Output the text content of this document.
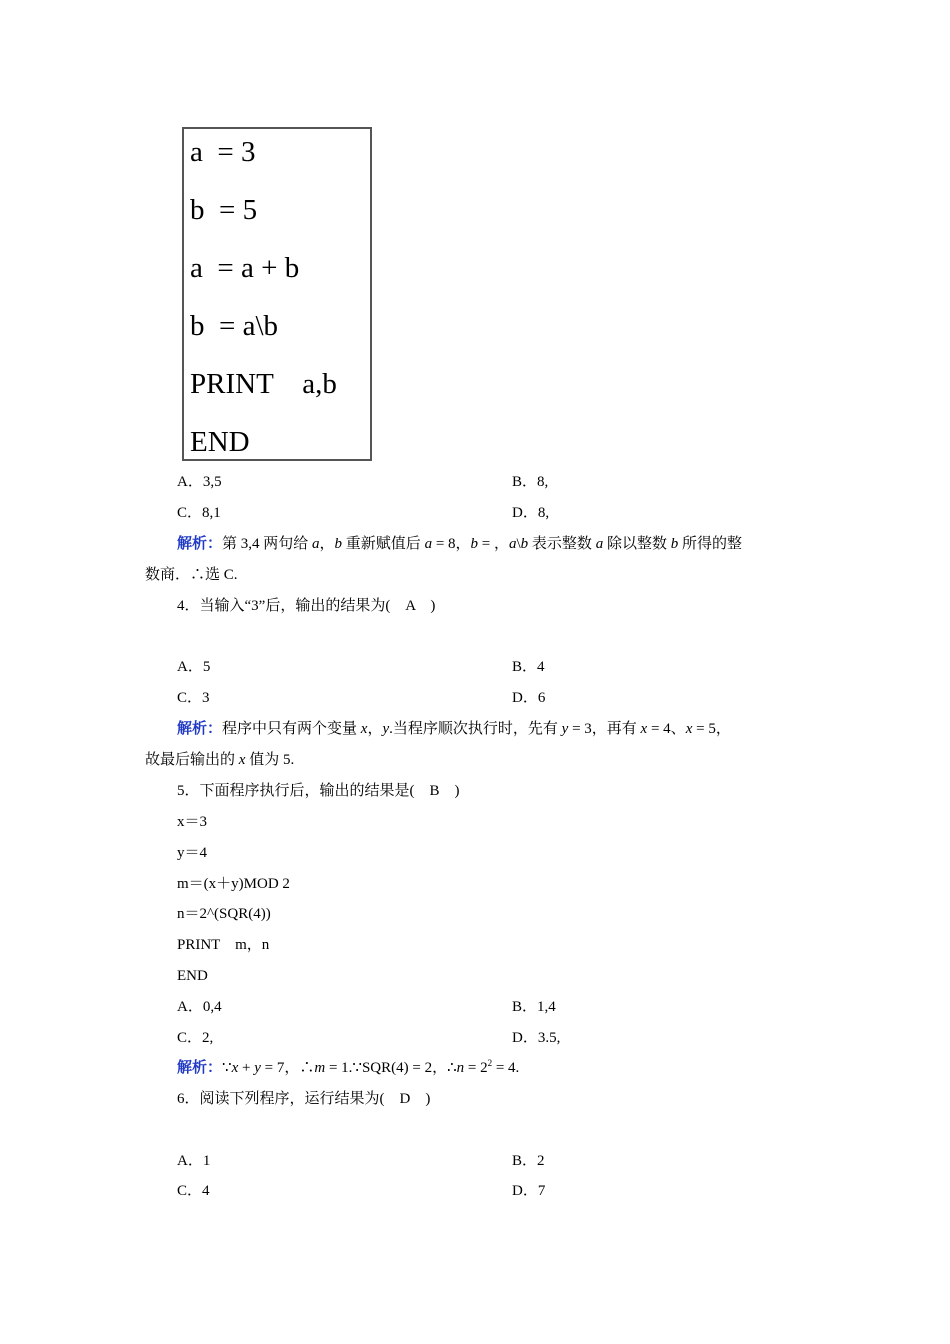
a  = 3
b  = 5
a  = a + b
b  = a\b
PRINT    a,b
END
A．3,5	B．8,
C．8,1	D．8,
解析：第 3,4 两句给 a，b 重新赋值后 a = 8，b = ，a\b 表示整数 a 除以整数 b 所得的整
数商．∴选 C.
4．当输入“3”后，输出的结果为(　A　)
A．5	B．4
C．3	D．6
解析：程序中只有两个变量 x，y.当程序顺次执行时，先有 y = 3，再有 x = 4、x = 5，
故最后输出的 x 值为 5.
5．下面程序执行后，输出的结果是(　B　)
x＝3
y＝4
m＝(x＋y)MOD 2
n＝2^(SQR(4))
PRINT　m，n
END
A．0,4	B．1,4
C．2,	D．3.5,
解析：∵x + y = 7，∴m = 1.∵SQR(4) = 2，∴n = $2^2 = 4$.
6．阅读下列程序，运行结果为(　D　)
A．1	B．2
C．4	D．7
